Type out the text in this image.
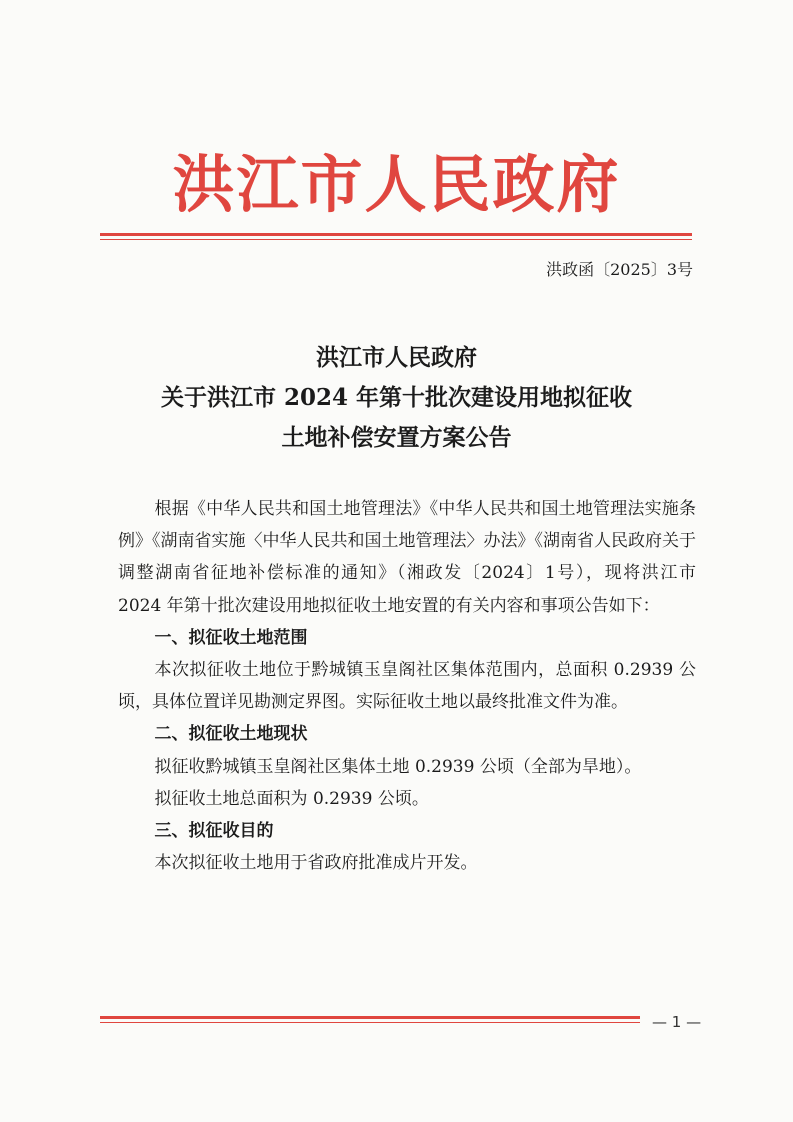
洪江市人民政府
洪政函〔2025〕3号
洪江市人民政府
关于洪江市 2024 年第十批次建设用地拟征收
土地补偿安置方案公告

根据《中华人民共和国土地管理法》《中华人民共和国土地管理法实施条例》《湖南省实施〈中华人民共和国土地管理法〉办法》《湖南省人民政府关于调整湖南省征地补偿标准的通知》（湘政发〔2024〕1号），现将洪江市 2024 年第十批次建设用地拟征收土地安置的有关内容和事项公告如下：

一、拟征收土地范围

本次拟征收土地位于黔城镇玉皇阁社区集体范围内，总面积 0.2939 公顷，具体位置详见勘测定界图。实际征收土地以最终批准文件为准。

二、拟征收土地现状

拟征收黔城镇玉皇阁社区集体土地 0.2939 公顷（全部为旱地）。

拟征收土地总面积为 0.2939 公顷。

三、拟征收目的

本次拟征收土地用于省政府批准成片开发。

— 1 —
